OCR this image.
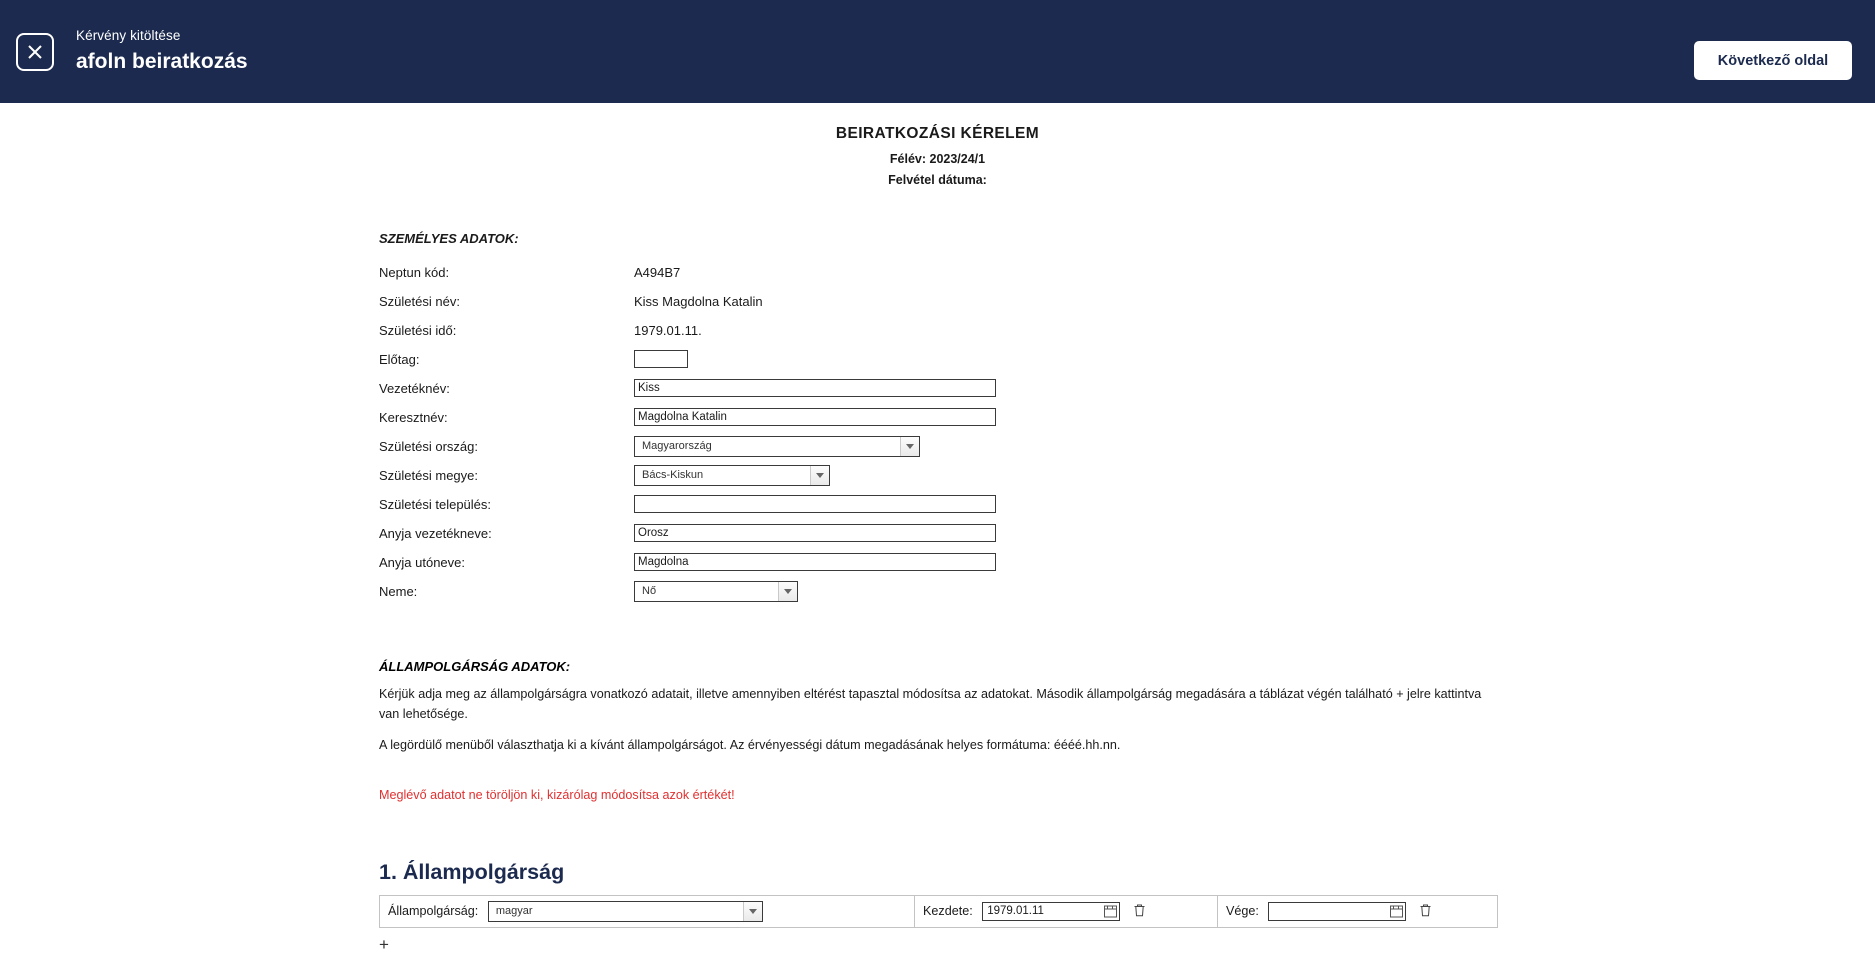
Kérvény kitöltése
afoln beiratkozás	Következő oldal
BEIRATKOZÁSI KÉRELEM
Félév: 2023/24/1
Felvétel dátuma:
SZEMÉLYES ADATOK:
Neptun kód:	A494B7

Születési név:	Kiss Magdolna Katalin

Születési idő:	1979.01.11.

Előtag:	

Vezetéknév:	Kiss

Keresztnév:	Magdolna Katalin

Születési ország:	Magyarország

Születési megye:	Bács-Kiskun

Születési település:	

Anyja vezetékneve:	Orosz

Anyja utóneve:	Magdolna

Neme:	Nő
ÁLLAMPOLGÁRSÁG ADATOK:
Kérjük adja meg az állampolgárságra vonatkozó adatait, illetve amennyiben eltérést tapasztal módosítsa az adatokat. Második állampolgárság megadására a táblázat végén található + jelre kattintva van lehetősége.
A legördülő menüből választhatja ki a kívánt állampolgárságot. Az érvényességi dátum megadásának helyes formátuma: éééé.hh.nn.
Meglévő adatot ne töröljön ki, kizárólag módosítsa azok értékét!
1. Állampolgárság
Állampolgárság: magyar	Kezdete: 1979.01.11	Vége:

+
